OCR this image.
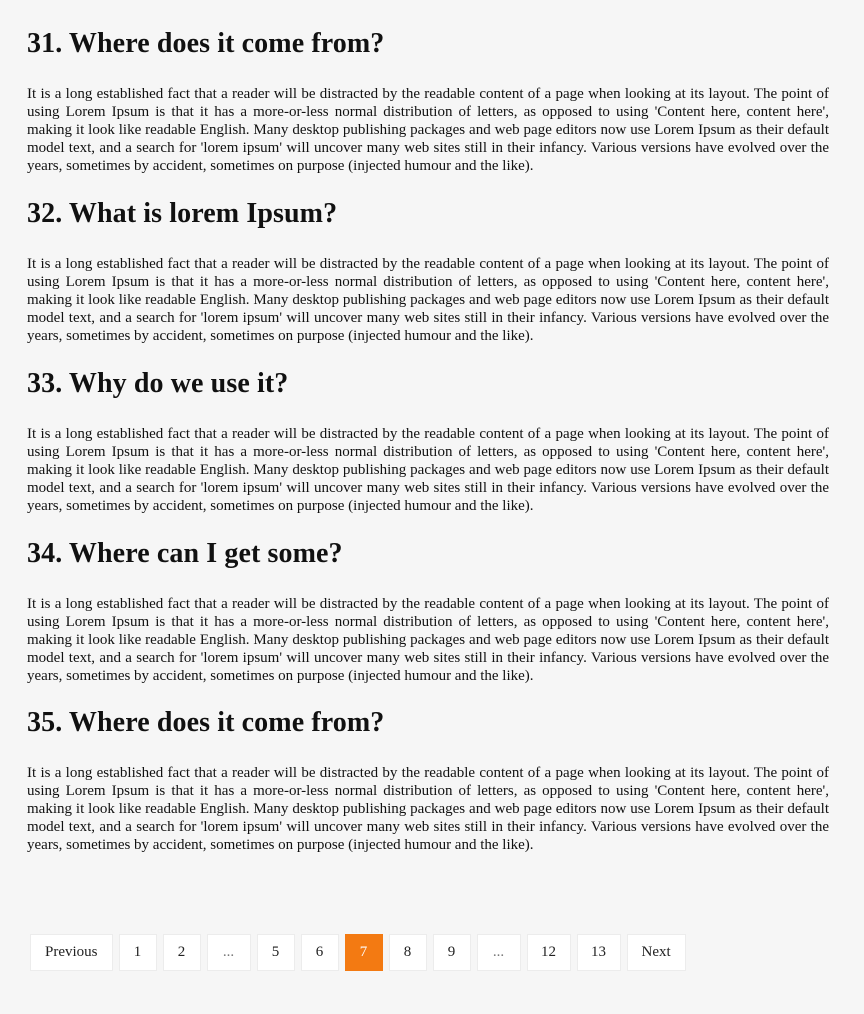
31. Where does it come from?

It is a long established fact that a reader will be distracted by the readable content of a page when looking at its layout. The point of using Lorem Ipsum is that it has a more-or-less normal distribution of letters, as opposed to using 'Content here, content here', making it look like readable English. Many desktop publishing packages and web page editors now use Lorem Ipsum as their default model text, and a search for 'lorem ipsum' will uncover many web sites still in their infancy. Various versions have evolved over the years, sometimes by accident, sometimes on purpose (injected humour and the like).

32. What is lorem Ipsum?

It is a long established fact that a reader will be distracted by the readable content of a page when looking at its layout. The point of using Lorem Ipsum is that it has a more-or-less normal distribution of letters, as opposed to using 'Content here, content here', making it look like readable English. Many desktop publishing packages and web page editors now use Lorem Ipsum as their default model text, and a search for 'lorem ipsum' will uncover many web sites still in their infancy. Various versions have evolved over the years, sometimes by accident, sometimes on purpose (injected humour and the like).

33. Why do we use it?

It is a long established fact that a reader will be distracted by the readable content of a page when looking at its layout. The point of using Lorem Ipsum is that it has a more-or-less normal distribution of letters, as opposed to using 'Content here, content here', making it look like readable English. Many desktop publishing packages and web page editors now use Lorem Ipsum as their default model text, and a search for 'lorem ipsum' will uncover many web sites still in their infancy. Various versions have evolved over the years, sometimes by accident, sometimes on purpose (injected humour and the like).

34. Where can I get some?

It is a long established fact that a reader will be distracted by the readable content of a page when looking at its layout. The point of using Lorem Ipsum is that it has a more-or-less normal distribution of letters, as opposed to using 'Content here, content here', making it look like readable English. Many desktop publishing packages and web page editors now use Lorem Ipsum as their default model text, and a search for 'lorem ipsum' will uncover many web sites still in their infancy. Various versions have evolved over the years, sometimes by accident, sometimes on purpose (injected humour and the like).

35. Where does it come from?

It is a long established fact that a reader will be distracted by the readable content of a page when looking at its layout. The point of using Lorem Ipsum is that it has a more-or-less normal distribution of letters, as opposed to using 'Content here, content here', making it look like readable English. Many desktop publishing packages and web page editors now use Lorem Ipsum as their default model text, and a search for 'lorem ipsum' will uncover many web sites still in their infancy. Various versions have evolved over the years, sometimes by accident, sometimes on purpose (injected humour and the like).

Previous	1	2	...	5	6	7	8	9	...	12	13	Next
